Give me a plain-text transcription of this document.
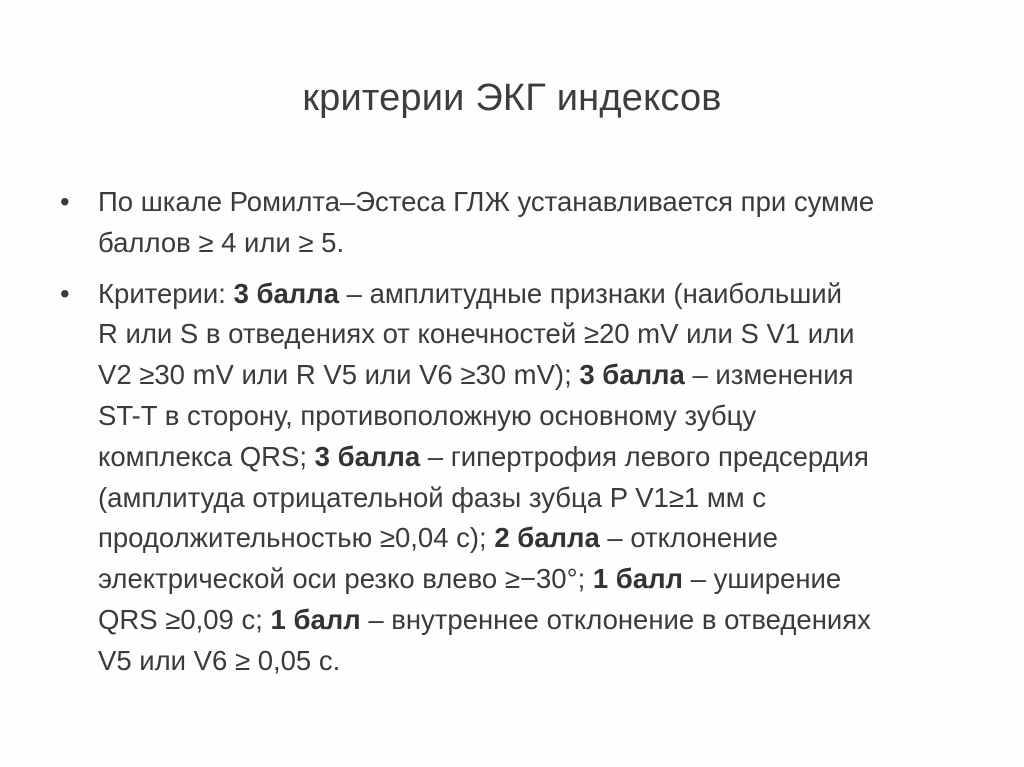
критерии ЭКГ индексов
•	По шкале Ромилта–Эстеса ГЛЖ устанавливается при сумме
баллов ≥ 4 или ≥ 5.
•	Критерии: 3 балла – амплитудные признаки (наибольший
R или S в отведениях от конечностей ≥20 mV или S V1 или
V2 ≥30 mV или R V5 или V6 ≥30 mV); 3 балла – изменения
ST-T в сторону, противоположную основному зубцу
комплекса QRS; 3 балла – гипертрофия левого предсердия
(амплитуда отрицательной фазы зубца P V1≥1 мм с
продолжительностью ≥0,04 с); 2 балла – отклонение
электрической оси резко влево ≥−30°; 1 балл – уширение
QRS ≥0,09 с; 1 балл – внутреннее отклонение в отведениях
V5 или V6 ≥ 0,05 с.
